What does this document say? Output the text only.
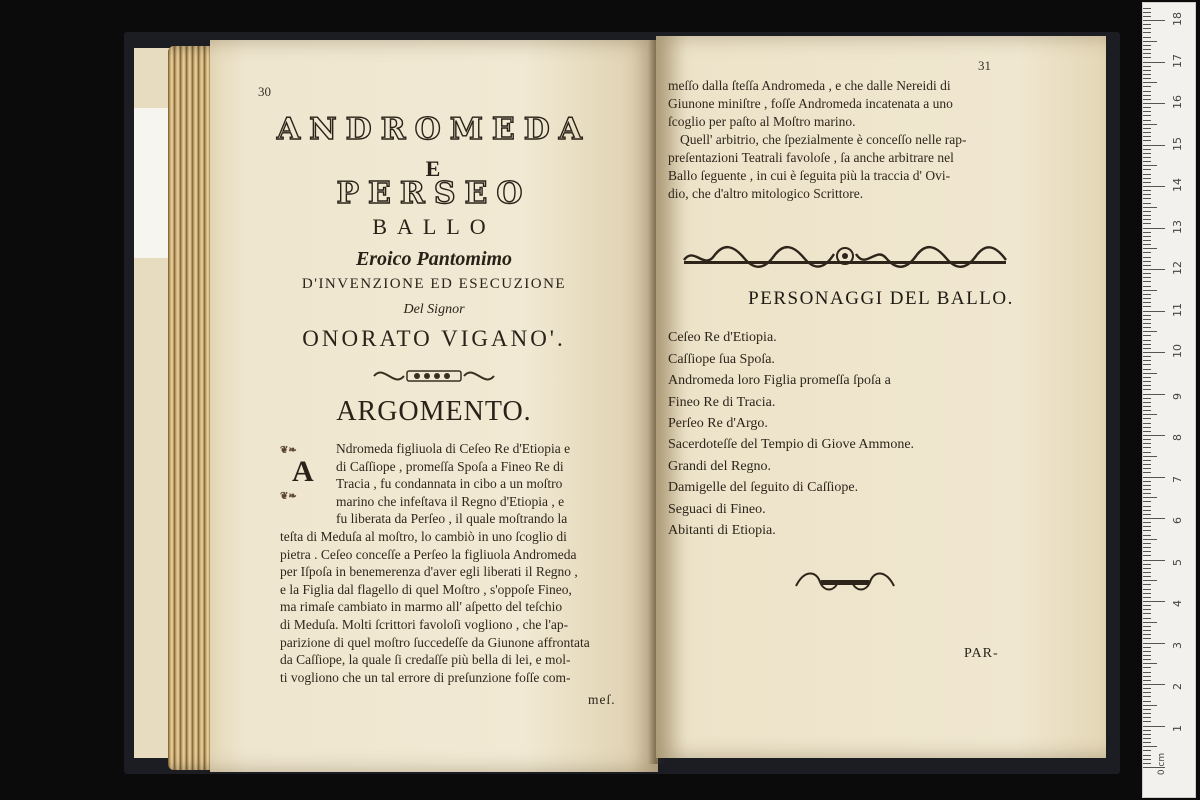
30
ANDROMEDA
E
PERSEO
BALLO
Eroico Pantomimo
D'INVENZIONE ED ESECUZIONE
Del Signor
ONORATO VIGANO'.
ARGOMENTO.
❦❧
A
❦❧
Ndromeda figliuola di Ceſeo Re d'Etiopia e
di Caſſiope , promeſſa Spoſa a Fineo Re di
Tracia , fu condannata in cibo a un moſtro
marino che infeſtava il Regno d'Etiopia , e
fu liberata da Perſeo , il quale moſtrando la
teſta di Meduſa al moſtro, lo cambiò in uno ſcoglio di
pietra . Ceſeo conceſſe a Perſeo la figliuola Andromeda
per Iſpoſa in benemerenza d'aver egli liberati il Regno ,
e la Figlia dal flagello di quel Moſtro , s'oppoſe Fineo,
ma rimaſe cambiato in marmo all' aſpetto del teſchio
di Meduſa. Molti ſcrittori favoloſi vogliono , che l'ap-
parizione di quel moſtro ſuccedeſſe da Giunone affrontata
da Caſſiope, la quale ſi credaſſe più bella di lei, e mol-
ti vogliono che un tal errore di preſunzione foſſe com-
meſ.
31
meſſo dalla ſteſſa Andromeda , e che dalle Nereidi di
Giunone miniſtre , foſſe Andromeda incatenata a uno
ſcoglio per paſto al Moſtro marino.
Quell' arbitrio, che ſpezialmente è conceſſo nelle rap-
preſentazioni Teatrali favoloſe , ſa anche arbitrare nel
Ballo ſeguente , in cui è ſeguita più la traccia d' Ovi-
dio, che d'altro mitologico Scrittore.
PERSONAGGI DEL BALLO.
Ceſeo Re d'Etiopia.
Caſſiope ſua Spoſa.
Andromeda loro Figlia promeſſa ſpoſa a
Fineo Re di Tracia.
Perſeo Re d'Argo.
Sacerdoteſſe del Tempio di Giove Ammone.
Grandi del Regno.
Damigelle del ſeguito di Caſſiope.
Seguaci di Fineo.
Abitanti di Etiopia.
PAR-
1
2
3
4
5
6
7
8
9
10
11
12
13
14
15
16
17
18
0 cm
